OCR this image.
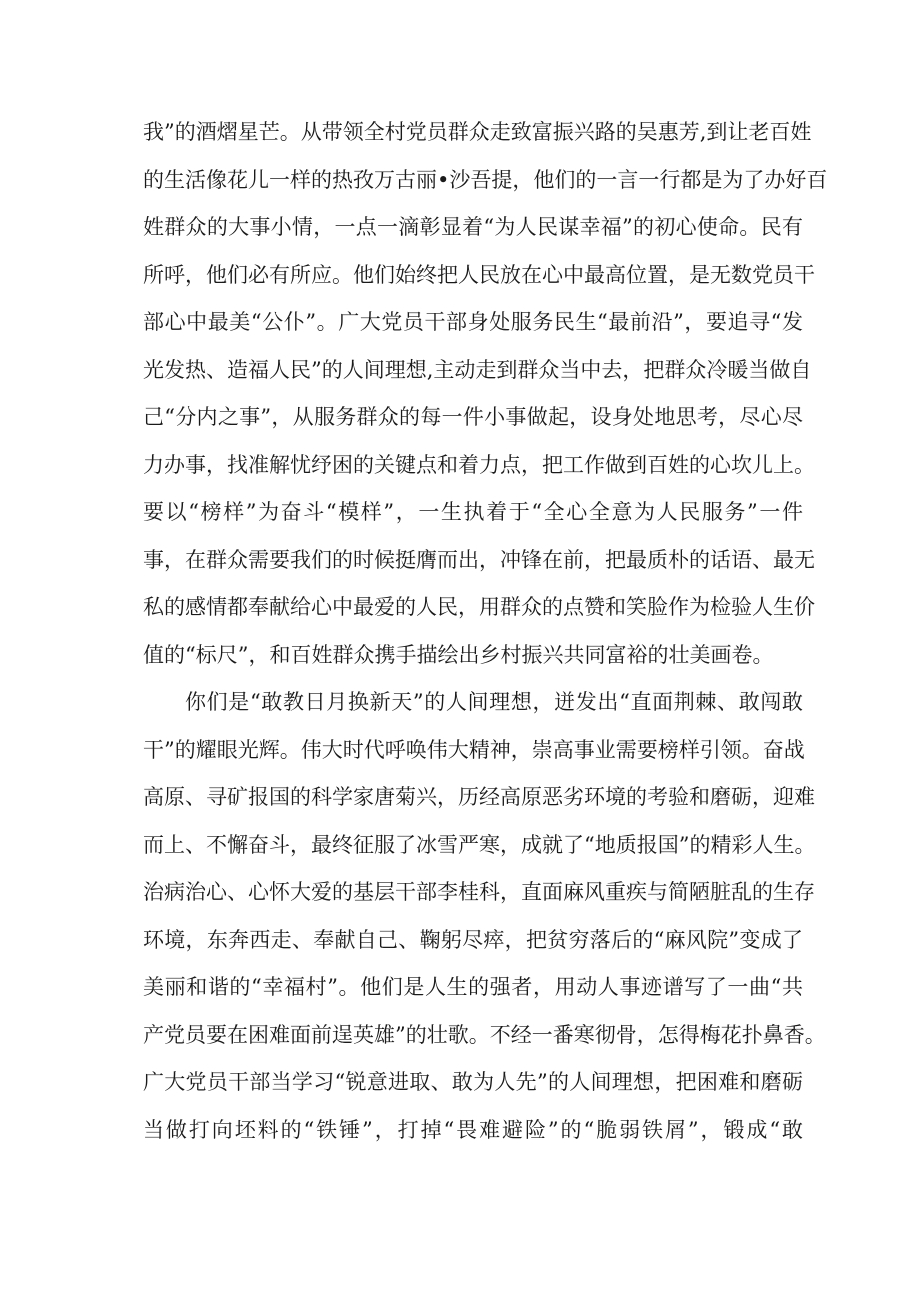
我”的酒熠星芒。从带领全村党员群众走致富振兴路的吴惠芳,到让老百姓
的生活像花儿一样的热孜万古丽•沙吾提，他们的一言一行都是为了办好百
姓群众的大事小情，一点一滴彰显着“为人民谋幸福”的初心使命。民有
所呼，他们必有所应。他们始终把人民放在心中最高位置，是无数党员干
部心中最美“公仆”。广大党员干部身处服务民生“最前沿”，要追寻“发
光发热、造福人民”的人间理想,主动走到群众当中去，把群众冷暖当做自
己“分内之事”，从服务群众的每一件小事做起，设身处地思考，尽心尽
力办事，找准解忧纾困的关键点和着力点，把工作做到百姓的心坎儿上。
要以“榜样”为奋斗“模样”，一生执着于“全心全意为人民服务”一件
事，在群众需要我们的时候挺膺而出，冲锋在前，把最质朴的话语、最无
私的感情都奉献给心中最爱的人民，用群众的点赞和笑脸作为检验人生价
值的“标尺”，和百姓群众携手描绘出乡村振兴共同富裕的壮美画卷。
你们是“敢教日月换新天”的人间理想，迸发出“直面荆棘、敢闯敢
干”的耀眼光辉。伟大时代呼唤伟大精神，崇高事业需要榜样引领。奋战
高原、寻矿报国的科学家唐菊兴，历经高原恶劣环境的考验和磨砺，迎难
而上、不懈奋斗，最终征服了冰雪严寒，成就了“地质报国”的精彩人生。
治病治心、心怀大爱的基层干部李桂科，直面麻风重疾与简陋脏乱的生存
环境，东奔西走、奉献自己、鞠躬尽瘁，把贫穷落后的“麻风院”变成了
美丽和谐的“幸福村”。他们是人生的强者，用动人事迹谱写了一曲“共
产党员要在困难面前逞英雄”的壮歌。不经一番寒彻骨，怎得梅花扑鼻香。
广大党员干部当学习“锐意进取、敢为人先”的人间理想，把困难和磨砺
当做打向坯料的“铁锤”，打掉“畏难避险”的“脆弱铁屑”，锻成“敢
